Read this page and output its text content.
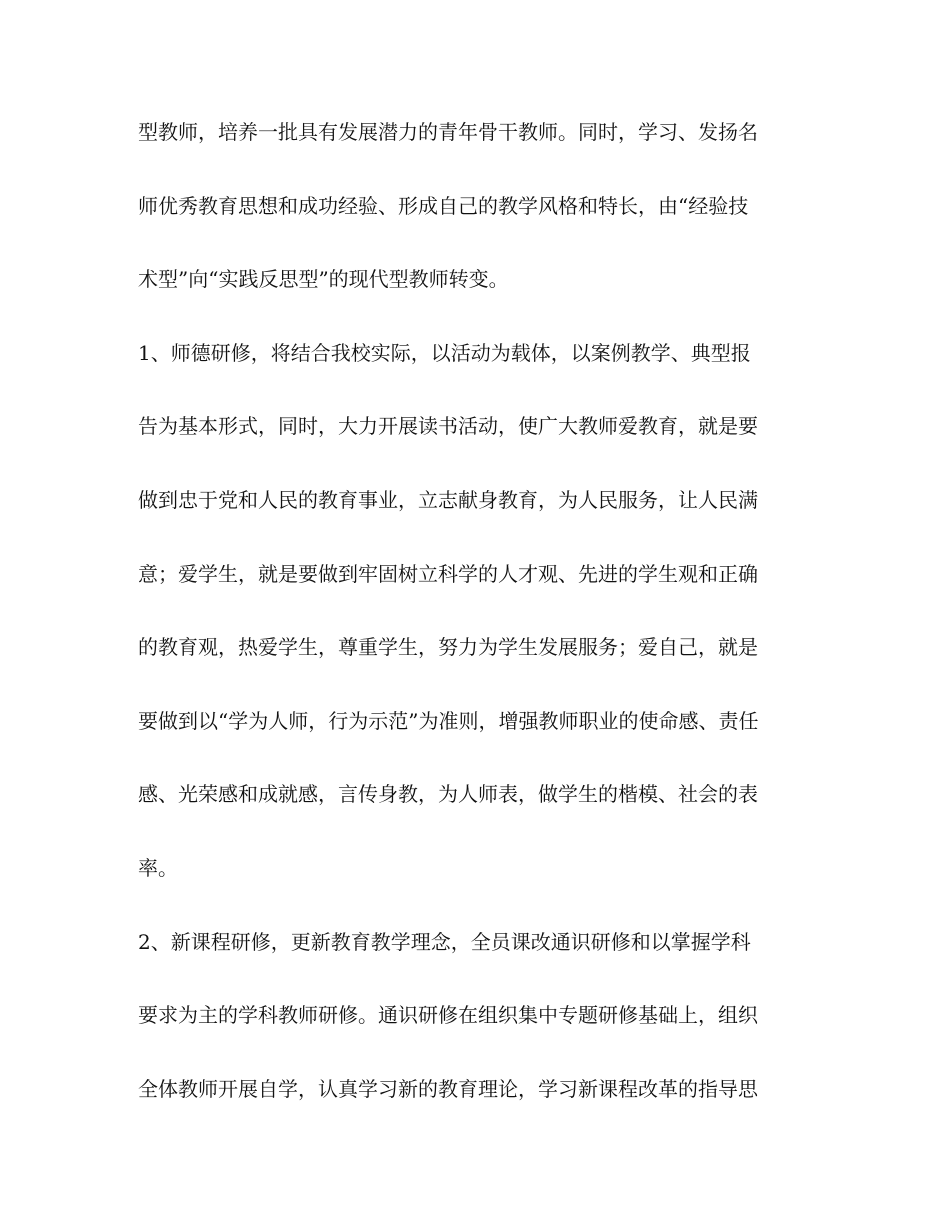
型教师，培养一批具有发展潜力的青年骨干教师。同时，学习、发扬名
师优秀教育思想和成功经验、形成自己的教学风格和特长，由“经验技
术型”向“实践反思型”的现代型教师转变。
1、师德研修，将结合我校实际，以活动为载体，以案例教学、典型报
告为基本形式，同时，大力开展读书活动，使广大教师爱教育，就是要
做到忠于党和人民的教育事业，立志献身教育，为人民服务，让人民满
意；爱学生，就是要做到牢固树立科学的人才观、先进的学生观和正确
的教育观，热爱学生，尊重学生，努力为学生发展服务；爱自己，就是
要做到以“学为人师，行为示范”为准则，增强教师职业的使命感、责任
感、光荣感和成就感，言传身教，为人师表，做学生的楷模、社会的表
率。
2、新课程研修，更新教育教学理念，全员课改通识研修和以掌握学科
要求为主的学科教师研修。通识研修在组织集中专题研修基础上，组织
全体教师开展自学，认真学习新的教育理论，学习新课程改革的指导思
